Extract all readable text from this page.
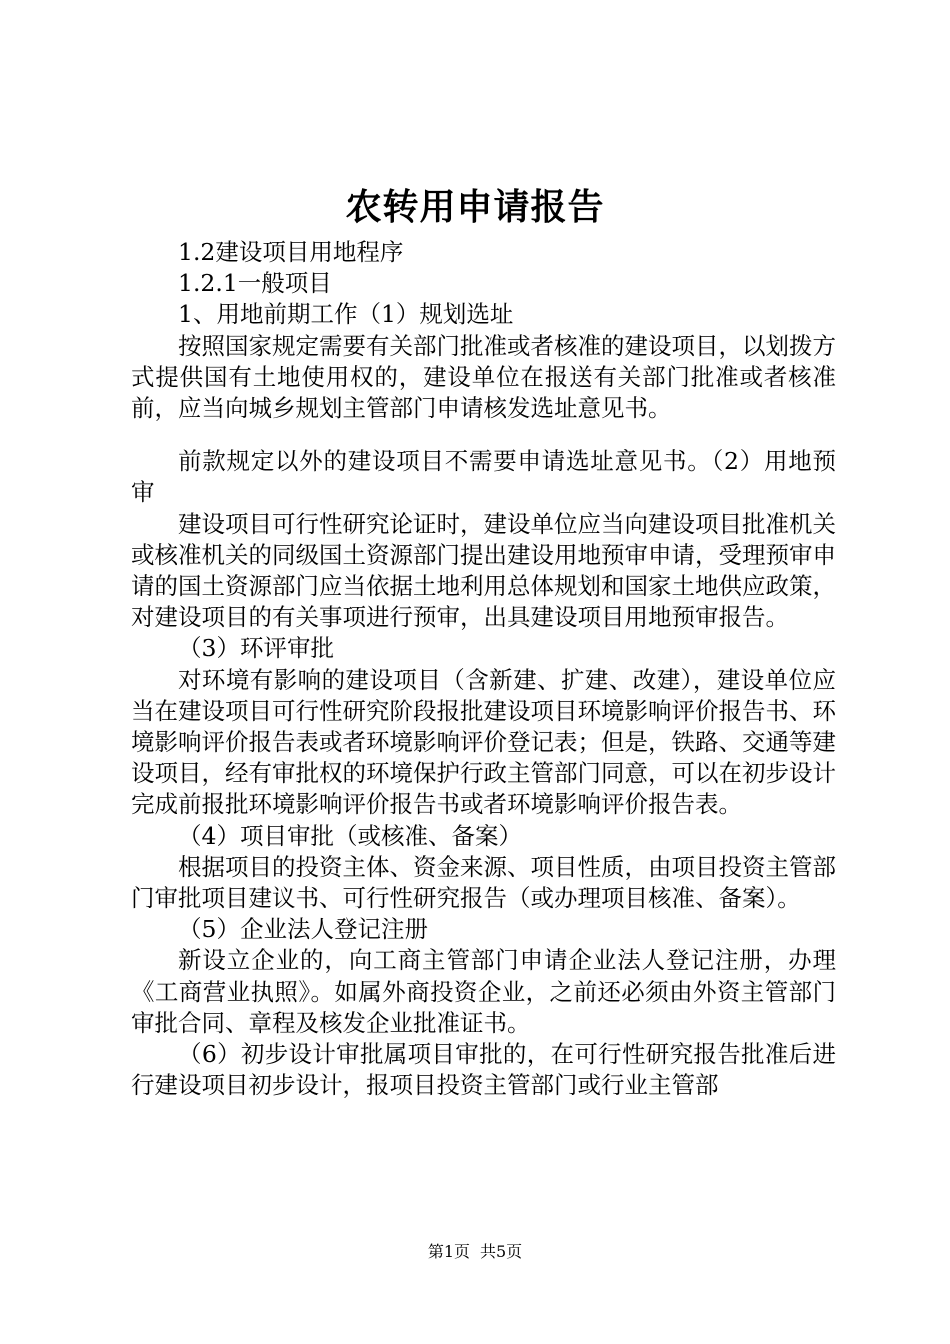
农转用申请报告

1.2建设项目用地程序

1.2.1一般项目

1、用地前期工作（1）规划选址

按照国家规定需要有关部门批准或者核准的建设项目，以划拨方式提供国有土地使用权的，建设单位在报送有关部门批准或者核准前，应当向城乡规划主管部门申请核发选址意见书。

前款规定以外的建设项目不需要申请选址意见书。（2）用地预审

建设项目可行性研究论证时，建设单位应当向建设项目批准机关或核准机关的同级国土资源部门提出建设用地预审申请，受理预审申请的国土资源部门应当依据土地利用总体规划和国家土地供应政策，对建设项目的有关事项进行预审，出具建设项目用地预审报告。

（3）环评审批

对环境有影响的建设项目（含新建、扩建、改建），建设单位应当在建设项目可行性研究阶段报批建设项目环境影响评价报告书、环境影响评价报告表或者环境影响评价登记表；但是，铁路、交通等建设项目，经有审批权的环境保护行政主管部门同意，可以在初步设计完成前报批环境影响评价报告书或者环境影响评价报告表。

（4）项目审批（或核准、备案）

根据项目的投资主体、资金来源、项目性质，由项目投资主管部门审批项目建议书、可行性研究报告（或办理项目核准、备案）。

（5）企业法人登记注册

新设立企业的，向工商主管部门申请企业法人登记注册，办理《工商营业执照》。如属外商投资企业，之前还必须由外资主管部门审批合同、章程及核发企业批准证书。

（6）初步设计审批属项目审批的，在可行性研究报告批准后进行建设项目初步设计，报项目投资主管部门或行业主管部

第1页 共5页
